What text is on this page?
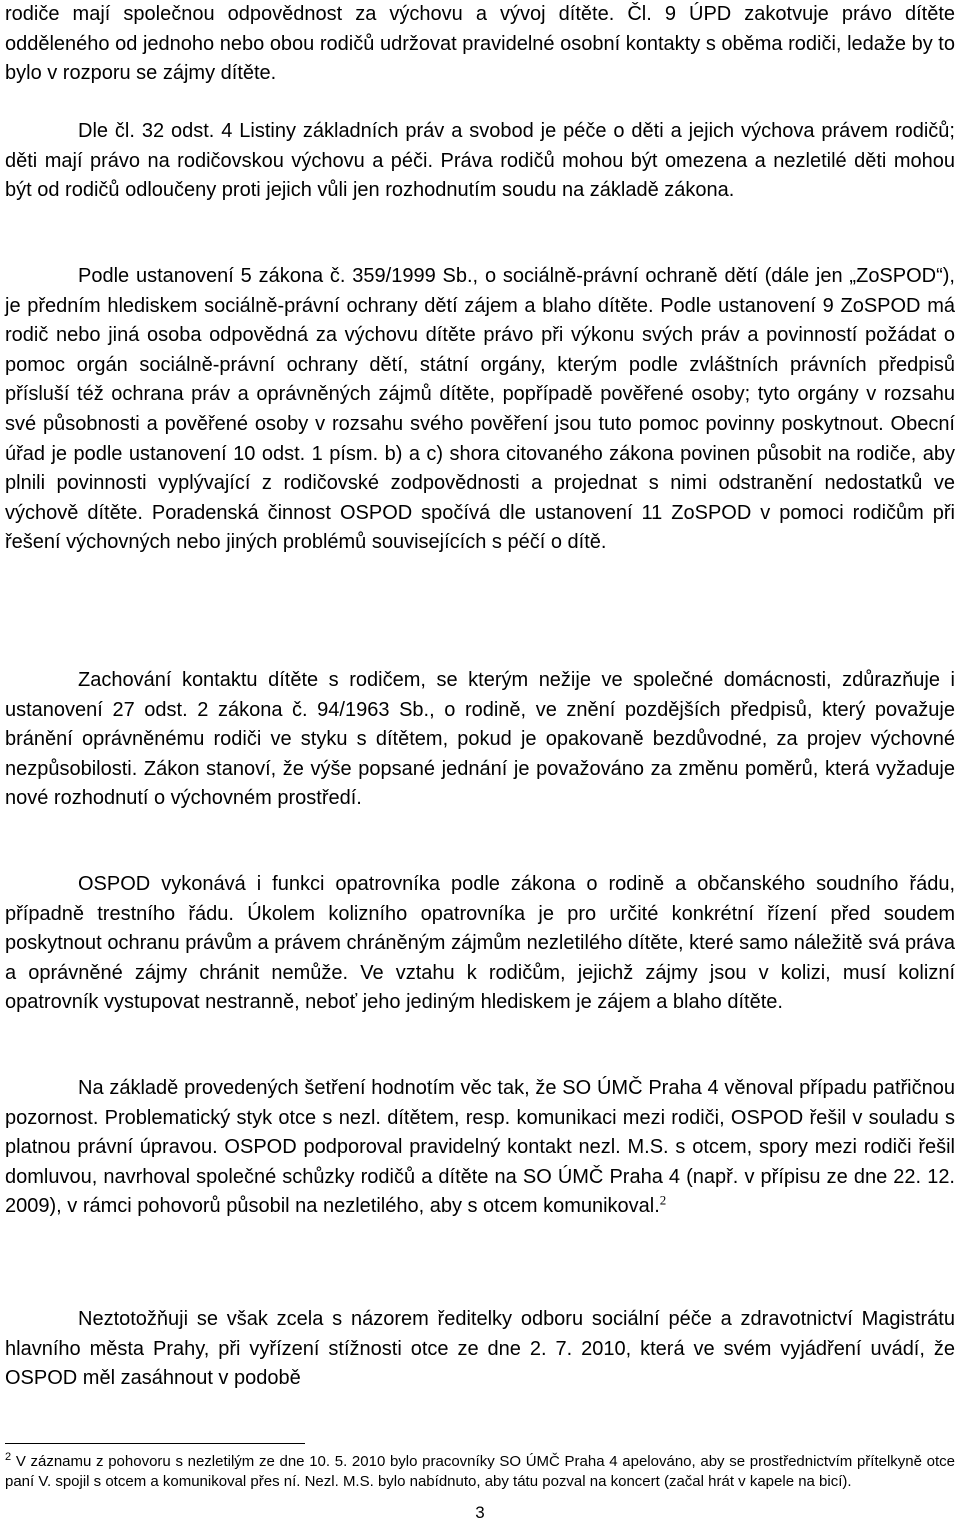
rodiče mají společnou odpovědnost za výchovu a vývoj dítěte. Čl. 9 ÚPD zakotvuje právo dítěte odděleného od jednoho nebo obou rodičů udržovat pravidelné osobní kontakty s oběma rodiči, ledaže by to bylo v rozporu se zájmy dítěte.

Dle čl. 32 odst. 4 Listiny základních práv a svobod je péče o děti a jejich výchova právem rodičů; děti mají právo na rodičovskou výchovu a péči. Práva rodičů mohou být omezena a nezletilé děti mohou být od rodičů odloučeny proti jejich vůli jen rozhodnutím soudu na základě zákona.

Podle ustanovení 5 zákona č. 359/1999 Sb., o sociálně-právní ochraně dětí (dále jen „ZoSPOD“), je předním hlediskem sociálně-právní ochrany dětí zájem a blaho dítěte. Podle ustanovení 9 ZoSPOD má rodič nebo jiná osoba odpovědná za výchovu dítěte právo při výkonu svých práv a povinností požádat o pomoc orgán sociálně-právní ochrany dětí, státní orgány, kterým podle zvláštních právních předpisů přísluší též ochrana práv a oprávněných zájmů dítěte, popřípadě pověřené osoby; tyto orgány v rozsahu své působnosti a pověřené osoby v rozsahu svého pověření jsou tuto pomoc povinny poskytnout. Obecní úřad je podle ustanovení 10 odst. 1 písm. b) a c) shora citovaného zákona povinen působit na rodiče, aby plnili povinnosti vyplývající z rodičovské zodpovědnosti a projednat s nimi odstranění nedostatků ve výchově dítěte. Poradenská činnost OSPOD spočívá dle ustanovení 11 ZoSPOD v pomoci rodičům při řešení výchovných nebo jiných problémů souvisejících s péčí o dítě.

Zachování kontaktu dítěte s rodičem, se kterým nežije ve společné domácnosti, zdůrazňuje i ustanovení 27 odst. 2 zákona č. 94/1963 Sb., o rodině, ve znění pozdějších předpisů, který považuje bránění oprávněnému rodiči ve styku s dítětem, pokud je opakovaně bezdůvodné, za projev výchovné nezpůsobilosti. Zákon stanoví, že výše popsané jednání je považováno za změnu poměrů, která vyžaduje nové rozhodnutí o výchovném prostředí.

OSPOD vykonává i funkci opatrovníka podle zákona o rodině a občanského soudního řádu, případně trestního řádu. Úkolem kolizního opatrovníka je pro určité konkrétní řízení před soudem poskytnout ochranu právům a právem chráněným zájmům nezletilého dítěte, které samo náležitě svá práva a oprávněné zájmy chránit nemůže. Ve vztahu k rodičům, jejichž zájmy jsou v kolizi, musí kolizní opatrovník vystupovat nestranně, neboť jeho jediným hlediskem je zájem a blaho dítěte.

Na základě provedených šetření hodnotím věc tak, že SO ÚMČ Praha 4 věnoval případu patřičnou pozornost. Problematický styk otce s nezl. dítětem, resp. komunikaci mezi rodiči, OSPOD řešil v souladu s platnou právní úpravou. OSPOD podporoval pravidelný kontakt nezl. M.S. s otcem, spory mezi rodiči řešil domluvou, navrhoval společné schůzky rodičů a dítěte na SO ÚMČ Praha 4 (např. v přípisu ze dne 22. 12. 2009), v rámci pohovorů působil na nezletilého, aby s otcem komunikoval.$^2$

Neztotožňuji se však zcela s názorem ředitelky odboru sociální péče a zdravotnictví Magistrátu hlavního města Prahy, při vyřízení stížnosti otce ze dne 2. 7. 2010, která ve svém vyjádření uvádí, že OSPOD měl zasáhnout v podobě

$^2$ V záznamu z pohovoru s nezletilým ze dne 10. 5. 2010 bylo pracovníky SO ÚMČ Praha 4 apelováno, aby se prostřednictvím přítelkyně otce paní V. spojil s otcem a komunikoval přes ní. Nezl. M.S. bylo nabídnuto, aby tátu pozval na koncert (začal hrát v kapele na bicí).

3
